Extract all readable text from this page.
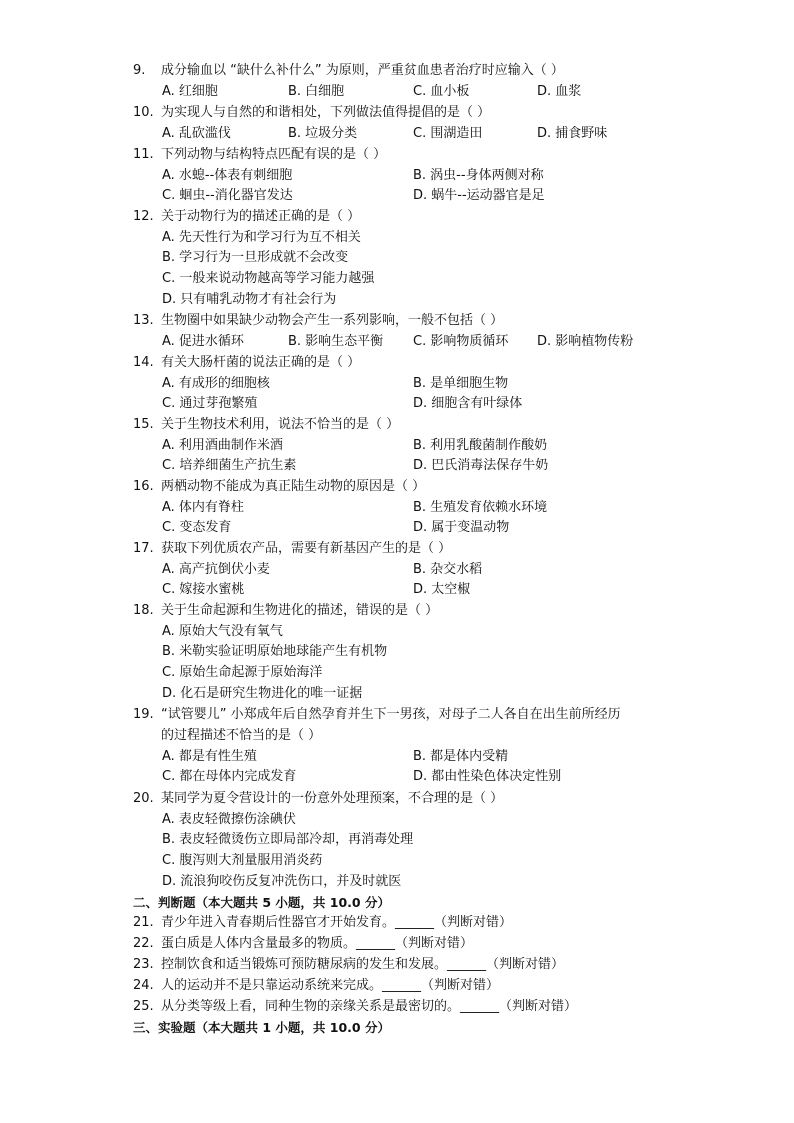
9. 成分输血以 “缺什么补什么” 为原则，严重贫血患者治疗时应输入（ ）
A. 红细胞	B. 白细胞	C. 血小板	D. 血浆
10. 为实现人与自然的和谐相处，下列做法值得提倡的是（ ）
A. 乱砍滥伐	B. 垃圾分类	C. 围湖造田	D. 捕食野味
11. 下列动物与结构特点匹配有误的是（ ）
A. 水螅--体表有刺细胞	B. 涡虫--身体两侧对称
C. 蛔虫--消化器官发达	D. 蜗牛--运动器官是足
12. 关于动物行为的描述正确的是（ ）
A. 先天性行为和学习行为互不相关
B. 学习行为一旦形成就不会改变
C. 一般来说动物越高等学习能力越强
D. 只有哺乳动物才有社会行为
13. 生物圈中如果缺少动物会产生一系列影响，一般不包括（ ）
A. 促进水循环	B. 影响生态平衡 C. 影响物质循环 D. 影响植物传粉
14. 有关大肠杆菌的说法正确的是（ ）
A. 有成形的细胞核	B. 是单细胞生物
C. 通过芽孢繁殖	D. 细胞含有叶绿体
15. 关于生物技术利用，说法不恰当的是（ ）
A. 利用酒曲制作米酒	B. 利用乳酸菌制作酸奶
C. 培养细菌生产抗生素	D. 巴氏消毒法保存牛奶
16. 两栖动物不能成为真正陆生动物的原因是（ ）
A. 体内有脊柱	B. 生殖发育依赖水环境
C. 变态发育	D. 属于变温动物
17. 获取下列优质农产品，需要有新基因产生的是（ ）
A. 高产抗倒伏小麦	B. 杂交水稻
C. 嫁接水蜜桃	D. 太空椒
18. 关于生命起源和生物进化的描述，错误的是（ ）
A. 原始大气没有氧气
B. 米勒实验证明原始地球能产生有机物
C. 原始生命起源于原始海洋
D. 化石是研究生物进化的唯一证据
19. “试管婴儿” 小郑成年后自然孕育并生下一男孩，对母子二人各自在出生前所经历
的过程描述不恰当的是（ ）
A. 都是有性生殖	B. 都是体内受精
C. 都在母体内完成发育	D. 都由性染色体决定性别
20. 某同学为夏令营设计的一份意外处理预案，不合理的是（ ）
A. 表皮轻微擦伤涂碘伏
B. 表皮轻微烫伤立即局部冷却，再消毒处理
C. 腹泻则大剂量服用消炎药
D. 流浪狗咬伤反复冲洗伤口，并及时就医
二、判断题（本大题共 5 小题，共 10.0 分）
21. 青少年进入青春期后性器官才开始发育。______（判断对错）
22. 蛋白质是人体内含量最多的物质。______（判断对错）
23. 控制饮食和适当锻炼可预防糖尿病的发生和发展。______（判断对错）
24. 人的运动并不是只靠运动系统来完成。______（判断对错）
25. 从分类等级上看，同种生物的亲缘关系是最密切的。______（判断对错）
三、实验题（本大题共 1 小题，共 10.0 分）
